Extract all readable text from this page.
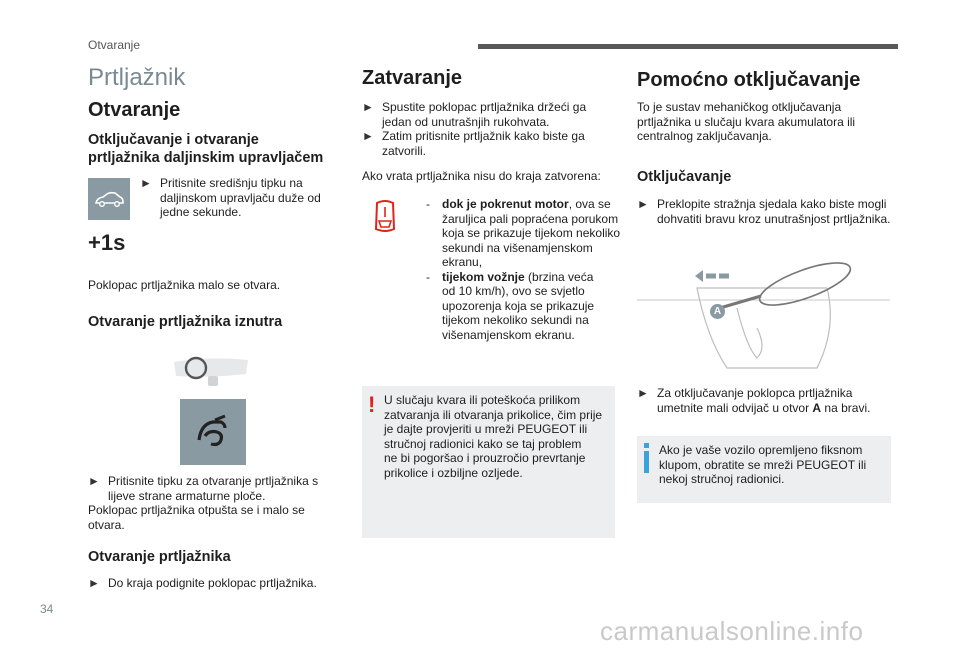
Otvaranje
Prtljažnik
Otvaranje
Otključavanje i otvaranje
prtljažnika daljinskim upravljačem
► Pritisnite središnju tipku na
daljinskom upravljaču duže od
jedne sekunde.
+1s

Poklopac prtljažnika malo se otvara.

Otvaranje prtljažnika iznutra
► Pritisnite tipku za otvaranje prtljažnika s
lijeve strane armaturne ploče.
Poklopac prtljažnika otpušta se i malo se
otvara.
Otvaranje prtljažnika
► Do kraja podignite poklopac prtljažnika.
Zatvaranje
► Spustite poklopac prtljažnika držeći ga
jedan od unutrašnjih rukohvata.
► Zatim pritisnite prtljažnik kako biste ga
zatvorili.

Ako vrata prtljažnika nisu do kraja zatvorena:

-	dok je pokrenut motor, ova se
žaruljica pali popraćena porukom
koja se prikazuje tijekom nekoliko
sekundi na višenamjenskom
ekranu,
-	tijekom vožnje (brzina veća
od 10 km/h), ovo se svjetlo
upozorenja koja se prikazuje
tijekom nekoliko sekundi na
višenamjenskom ekranu.
! U slučaju kvara ili poteškoća prilikom
zatvaranja ili otvaranja prikolice, čim prije
je dajte provjeriti u mreži PEUGEOT ili
stručnoj radionici kako se taj problem
ne bi pogoršao i prouzročio prevrtanje
prikolice i ozbiljne ozljede.
Pomoćno otključavanje
To je sustav mehaničkog otključavanja
prtljažnika u slučaju kvara akumulatora ili
centralnog zaključavanja.
Otključavanje
► Preklopite stražnja sjedala kako biste mogli
dohvatiti bravu kroz unutrašnjost prtljažnika.
A
► Za otključavanje poklopca prtljažnika
umetnite mali odvijač u otvor A na bravi.
Ako je vaše vozilo opremljeno fiksnom
klupom, obratite se mreži PEUGEOT ili
nekoj stručnoj radionici.
34
carmanualsonline.info
